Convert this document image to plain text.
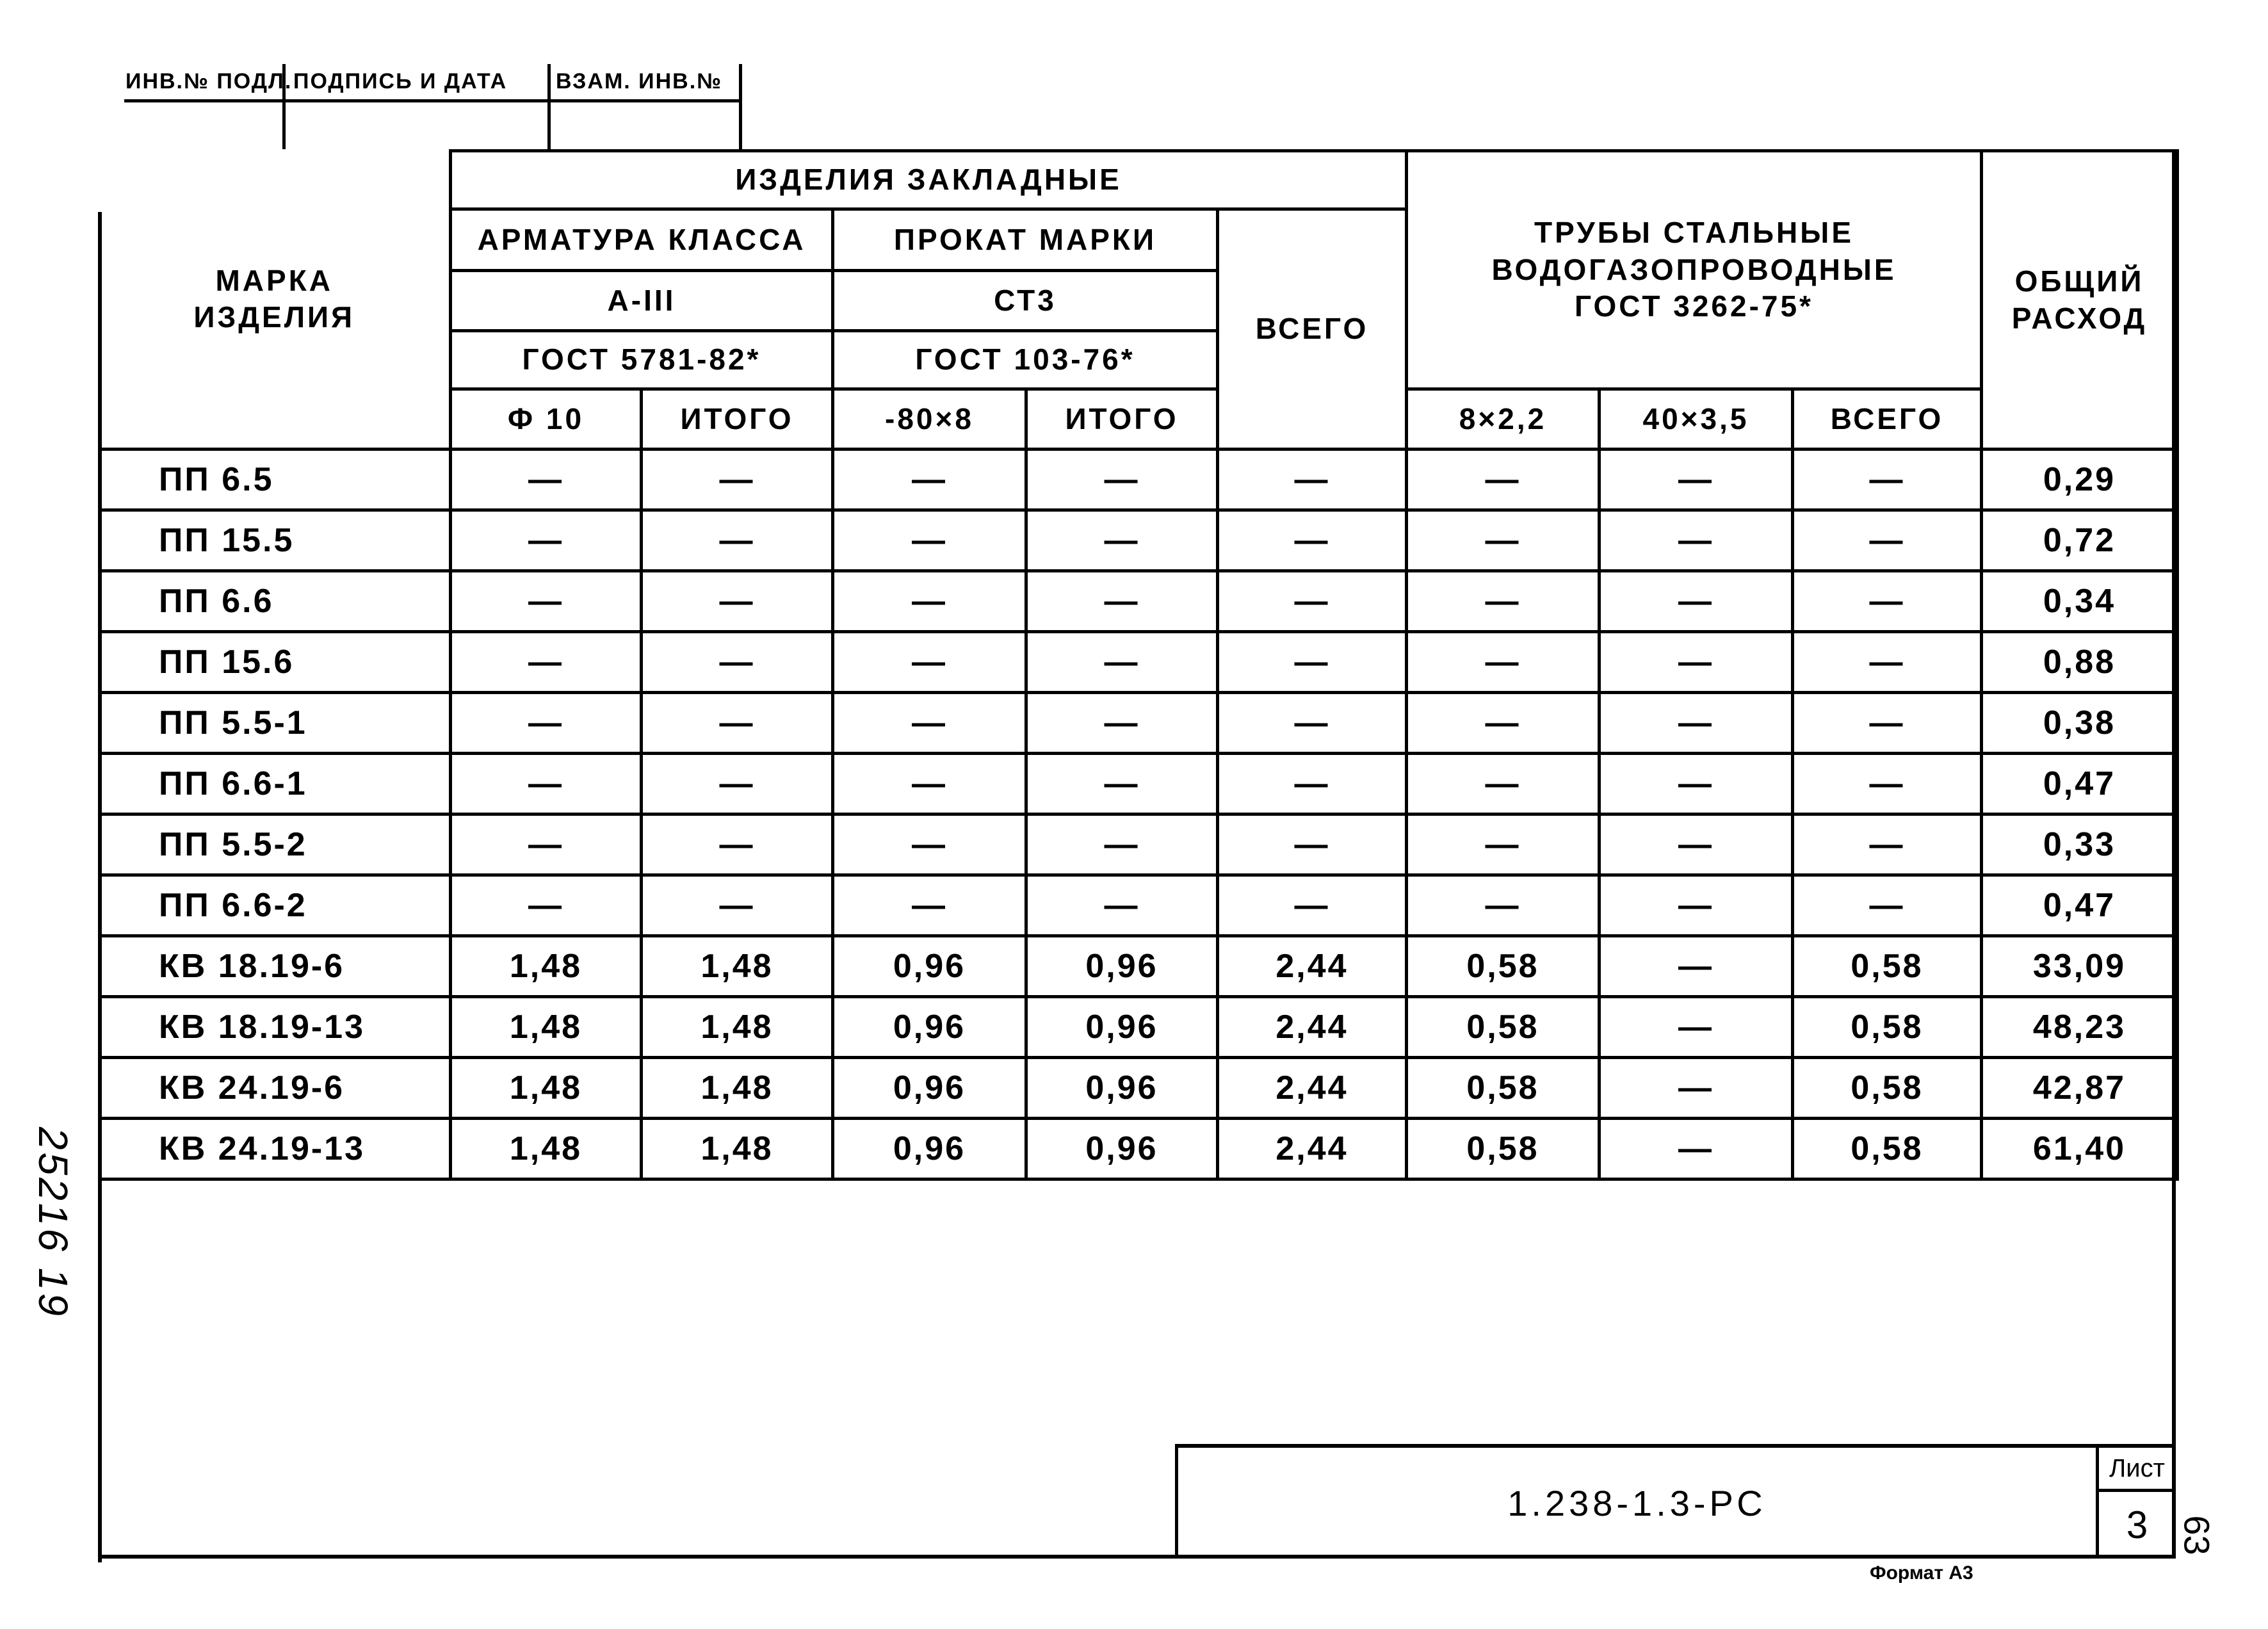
ИНВ.№ ПОДЛ. ПОДПИСЬ И ДАТА ВЗАМ. ИНВ.№
МАРКА ИЗДЕЛИЯ	ИЗДЕЛИЯ ЗАКЛАДНЫЕ					ТРУБЫ СТАЛЬНЫЕ ВОДОГАЗОПРОВОДНЫЕ ГОСТ 3262-75*			ОБЩИЙ РАСХОД
	АРМАТУРА КЛАССА		ПРОКАТ МАРКИ		ВСЕГО				
	А-III		СТ3						
	ГОСТ 5781-82*		ГОСТ 103-76*						
	Ф 10	ИТОГО	-80×8	ИТОГО		8×2,2	40×3,5	ВСЕГО	
ПП 6.5	—	—	—	—	—	—	—	—	0,29
ПП 15.5	—	—	—	—	—	—	—	—	0,72
ПП 6.6	—	—	—	—	—	—	—	—	0,34
ПП 15.6	—	—	—	—	—	—	—	—	0,88
ПП 5.5-1	—	—	—	—	—	—	—	—	0,38
ПП 6.6-1	—	—	—	—	—	—	—	—	0,47
ПП 5.5-2	—	—	—	—	—	—	—	—	0,33
ПП 6.6-2	—	—	—	—	—	—	—	—	0,47
КВ 18.19-6	1,48	1,48	0,96	0,96	2,44	0,58	—	0,58	33,09
КВ 18.19-13	1,48	1,48	0,96	0,96	2,44	0,58	—	0,58	48,23
КВ 24.19-6	1,48	1,48	0,96	0,96	2,44	0,58	—	0,58	42,87
КВ 24.19-13	1,48	1,48	0,96	0,96	2,44	0,58	—	0,58	61,40
1.238-1.3-РС
Лист
3
25216 19
63
Формат А3
